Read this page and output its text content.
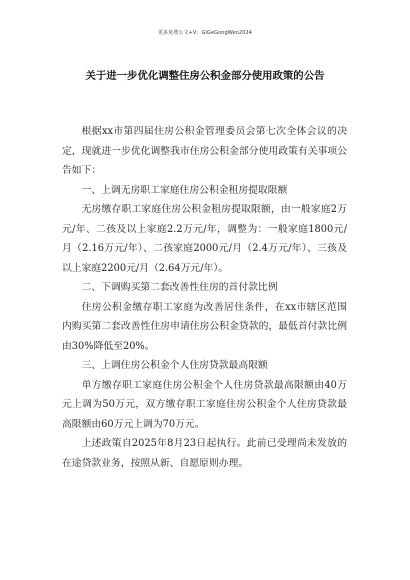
更多免费公文+V：GiGeGongWen2024
关于进一步优化调整住房公积金部分使用政策的公告

根据xx市第四届住房公积金管理委员会第七次全体会议的决定，现就进一步优化调整我市住房公积金部分使用政策有关事项公告如下：

一、上调无房职工家庭住房公积金租房提取限额

无房缴存职工家庭住房公积金租房提取限额，由一般家庭2万元/年、二孩及以上家庭2.2万元/年，调整为：一般家庭1800元/月（2.16万元/年）、二孩家庭2000元/月（2.4万元/年）、三孩及以上家庭2200元/月（2.64万元/年）。

二、下调购买第二套改善性住房的首付款比例

住房公积金缴存职工家庭为改善居住条件，在xx市辖区范围内购买第二套改善性住房申请住房公积金贷款的，最低首付款比例由30%降低至20%。

三、上调住房公积金个人住房贷款最高限额

单方缴存职工家庭住房公积金个人住房贷款最高限额由40万元上调为50万元，双方缴存职工家庭住房公积金个人住房贷款最高限额由60万元上调为70万元。

上述政策自2025年8月23日起执行。此前已受理尚未发放的在途贷款业务，按照从新、自愿原则办理。
